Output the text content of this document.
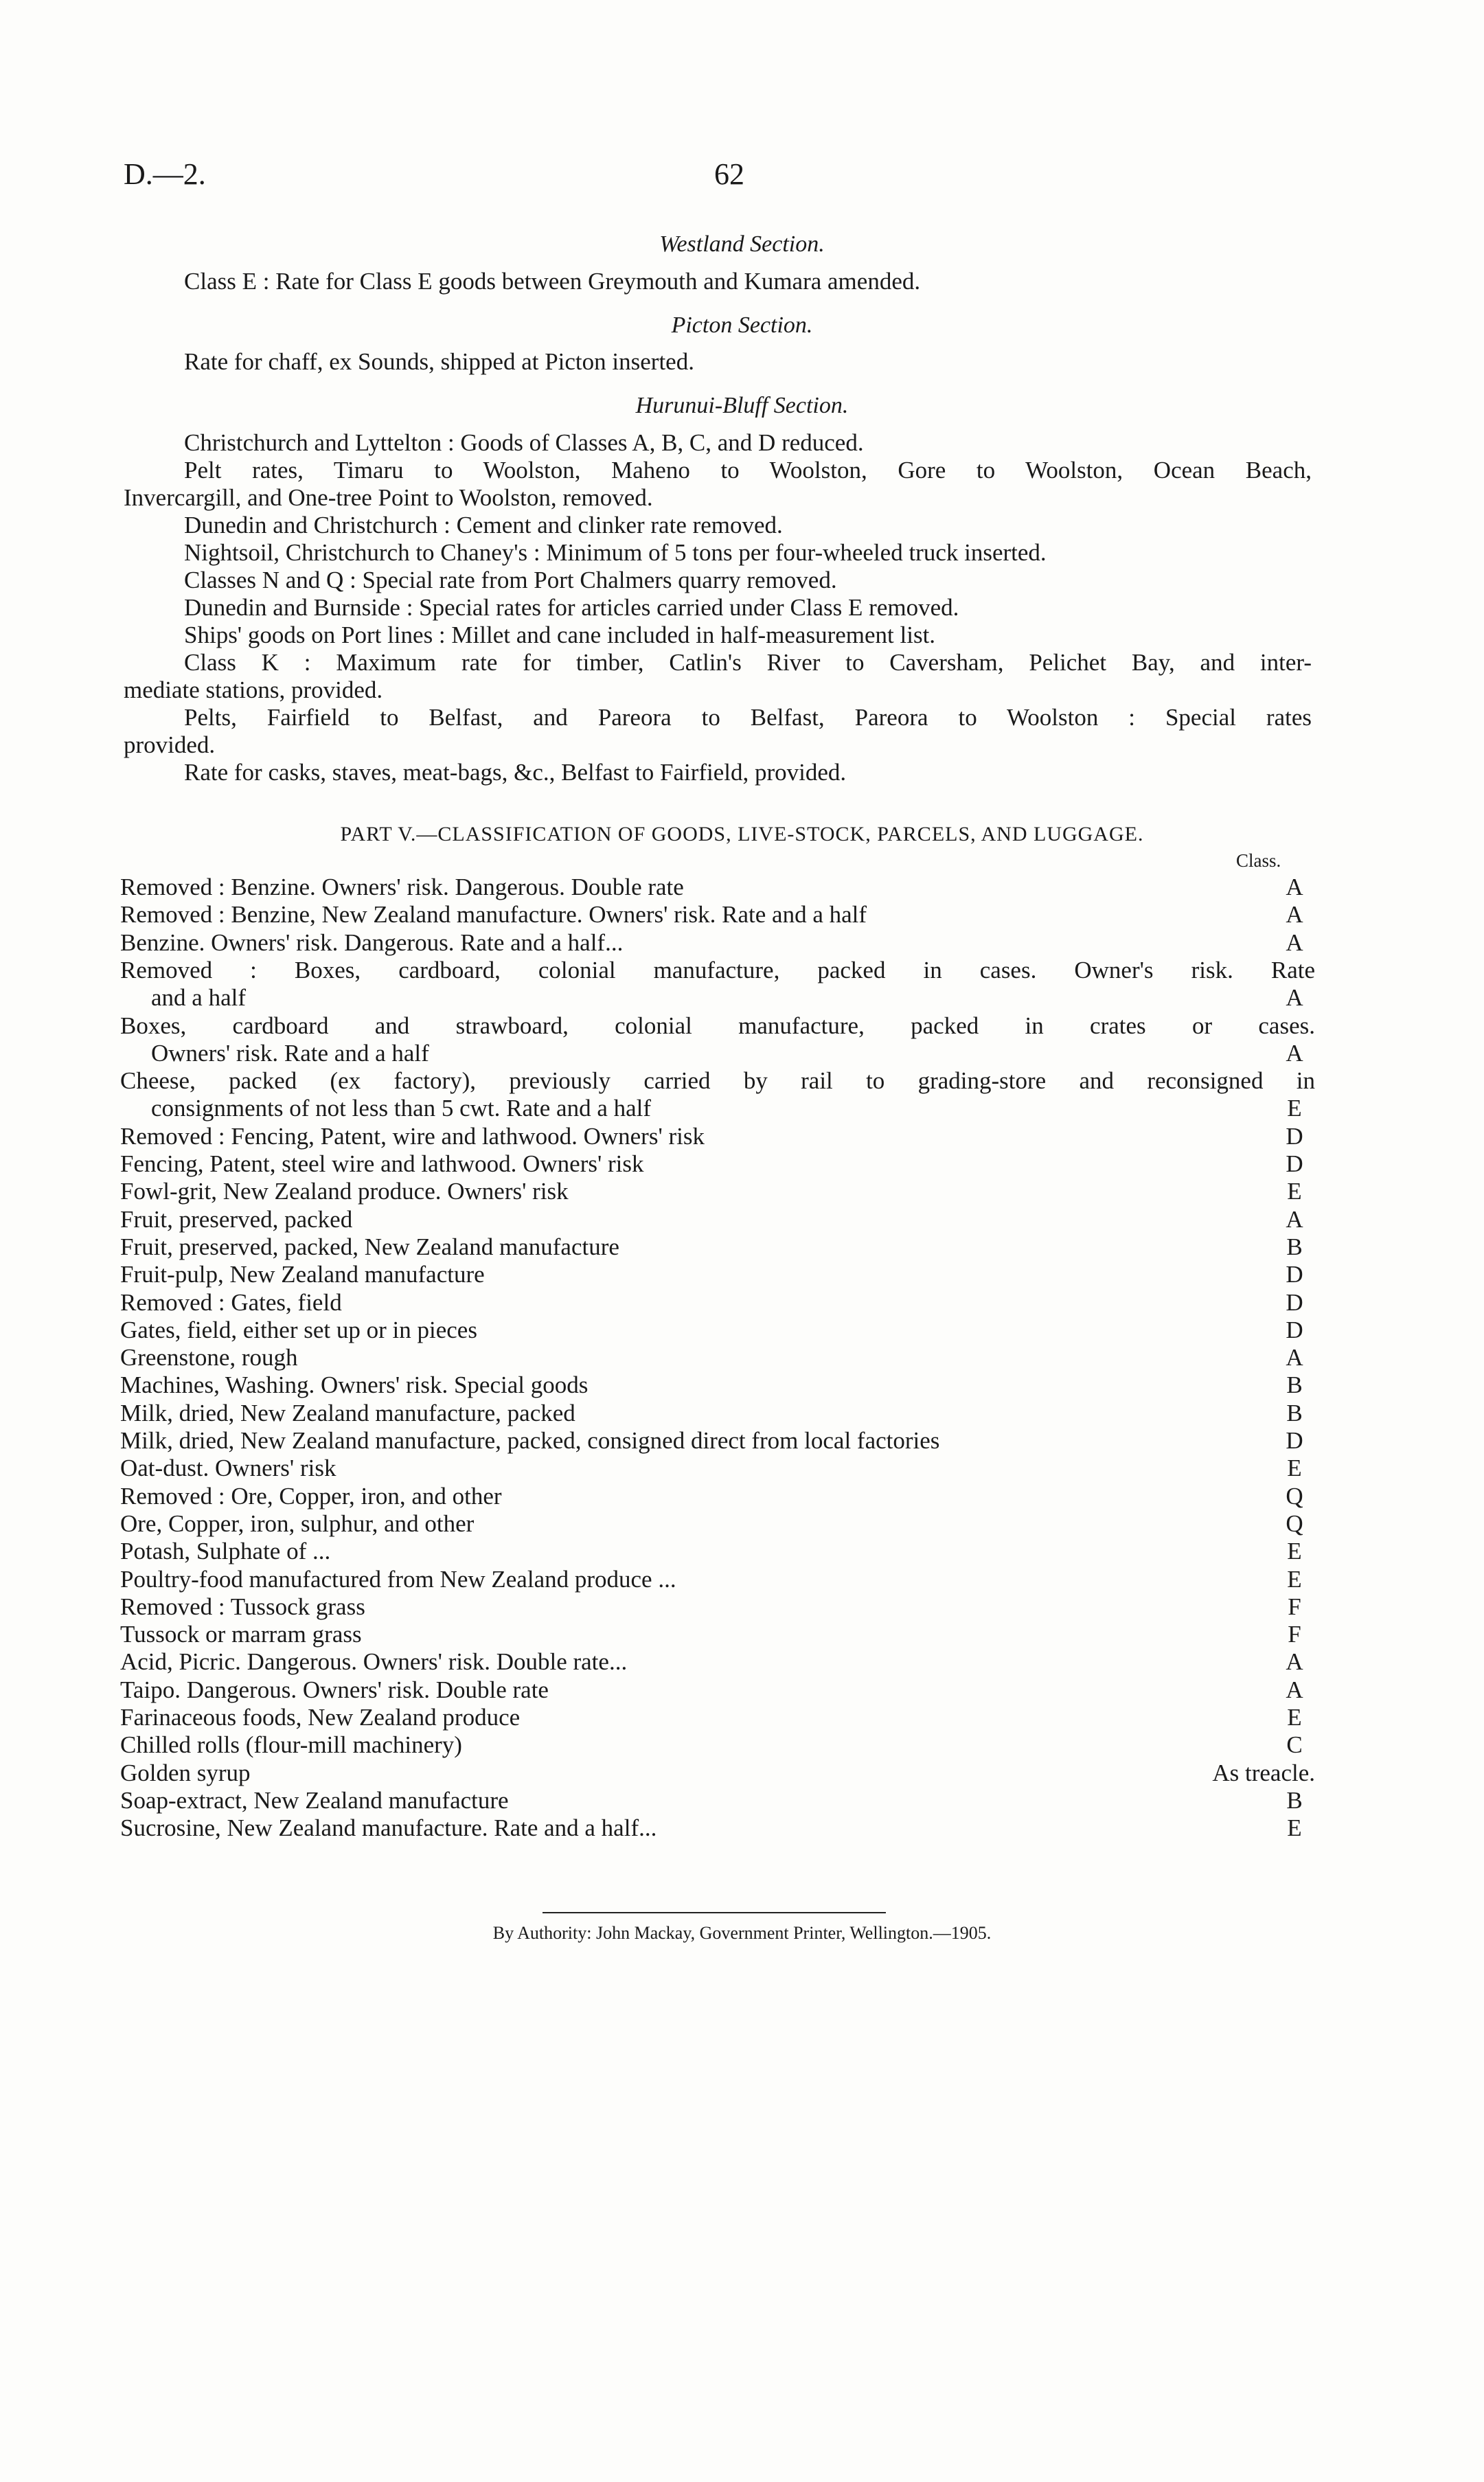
D.—2.	62
Westland Section.
Class E : Rate for Class E goods between Greymouth and Kumara amended.
Picton Section.
Rate for chaff, ex Sounds, shipped at Picton inserted.
Hurunui-Bluff Section.
Christchurch and Lyttelton : Goods of Classes A, B, C, and D reduced.
Pelt rates, Timaru to Woolston, Maheno to Woolston, Gore to Woolston, Ocean Beach,
Invercargill, and One-tree Point to Woolston, removed.
Dunedin and Christchurch : Cement and clinker rate removed.
Nightsoil, Christchurch to Chaney's : Minimum of 5 tons per four-wheeled truck inserted.
Classes N and Q : Special rate from Port Chalmers quarry removed.
Dunedin and Burnside : Special rates for articles carried under Class E removed.
Ships' goods on Port lines : Millet and cane included in half-measurement list.
Class K : Maximum rate for timber, Catlin's River to Caversham, Pelichet Bay, and inter-
mediate stations, provided.
Pelts, Fairfield to Belfast, and Pareora to Belfast, Pareora to Woolston : Special rates
provided.
Rate for casks, staves, meat-bags, &c., Belfast to Fairfield, provided.
PART V.—CLASSIFICATION OF GOODS, LIVE-STOCK, PARCELS, AND LUGGAGE.
Class.
Removed : Benzine. Owners' risk. Dangerous. Double rate	A
Removed : Benzine, New Zealand manufacture. Owners' risk. Rate and a half	A
Benzine. Owners' risk. Dangerous. Rate and a half...	A
Removed : Boxes, cardboard, colonial manufacture, packed in cases. Owner's risk. Rate
and a half	A
Boxes, cardboard and strawboard, colonial manufacture, packed in crates or cases.
Owners' risk. Rate and a half	A
Cheese, packed (ex factory), previously carried by rail to grading-store and reconsigned in
consignments of not less than 5 cwt. Rate and a half	E
Removed : Fencing, Patent, wire and lathwood. Owners' risk	D
Fencing, Patent, steel wire and lathwood. Owners' risk	D
Fowl-grit, New Zealand produce. Owners' risk	E
Fruit, preserved, packed	A
Fruit, preserved, packed, New Zealand manufacture	B
Fruit-pulp, New Zealand manufacture	D
Removed : Gates, field	D
Gates, field, either set up or in pieces	D
Greenstone, rough	A
Machines, Washing. Owners' risk. Special goods	B
Milk, dried, New Zealand manufacture, packed	B
Milk, dried, New Zealand manufacture, packed, consigned direct from local factories	D
Oat-dust. Owners' risk	E
Removed : Ore, Copper, iron, and other	Q
Ore, Copper, iron, sulphur, and other	Q
Potash, Sulphate of ...	E
Poultry-food manufactured from New Zealand produce ...	E
Removed : Tussock grass	F
Tussock or marram grass	F
Acid, Picric. Dangerous. Owners' risk. Double rate...	A
Taipo. Dangerous. Owners' risk. Double rate	A
Farinaceous foods, New Zealand produce	E
Chilled rolls (flour-mill machinery)	C
Golden syrup	As treacle.
Soap-extract, New Zealand manufacture	B
Sucrosine, New Zealand manufacture. Rate and a half...	E
By Authority: John Mackay, Government Printer, Wellington.—1905.
